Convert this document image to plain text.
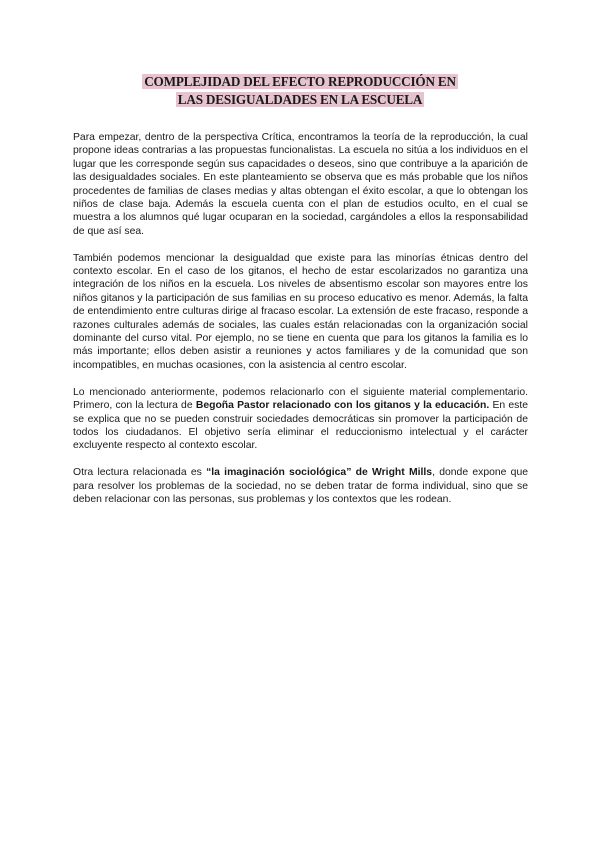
COMPLEJIDAD DEL EFECTO REPRODUCCIÓN EN
LAS DESIGUALDADES EN LA ESCUELA

Para empezar, dentro de la perspectiva Crítica, encontramos la teoría de la reproducción, la cual propone ideas contrarias a las propuestas funcionalistas. La escuela no sitúa a los individuos en el lugar que les corresponde según sus capacidades o deseos, sino que contribuye a la aparición de las desigualdades sociales. En este planteamiento se observa que es más probable que los niños procedentes de familias de clases medias y altas obtengan el éxito escolar, a que lo obtengan los niños de clase baja. Además la escuela cuenta con el plan de estudios oculto, en el cual se muestra a los alumnos qué lugar ocuparan en la sociedad, cargándoles a ellos la responsabilidad de que así sea.

También podemos mencionar la desigualdad que existe para las minorías étnicas dentro del contexto escolar. En el caso de los gitanos, el hecho de estar escolarizados no garantiza una integración de los niños en la escuela. Los niveles de absentismo escolar son mayores entre los niños gitanos y la participación de sus familias en su proceso educativo es menor. Además, la falta de entendimiento entre culturas dirige al fracaso escolar. La extensión de este fracaso, responde a razones culturales además de sociales, las cuales están relacionadas con la organización social dominante del curso vital. Por ejemplo, no se tiene en cuenta que para los gitanos la familia es lo más importante; ellos deben asistir a reuniones y actos familiares y de la comunidad que son incompatibles, en muchas ocasiones, con la asistencia al centro escolar.

Lo mencionado anteriormente, podemos relacionarlo con el siguiente material complementario. Primero, con la lectura de Begoña Pastor relacionado con los gitanos y la educación. En este se explica que no se pueden construir sociedades democráticas sin promover la participación de todos los ciudadanos. El objetivo sería eliminar el reduccionismo intelectual y el carácter excluyente respecto al contexto escolar.

Otra lectura relacionada es “la imaginación sociológica” de Wright Mills, donde expone que para resolver los problemas de la sociedad, no se deben tratar de forma individual, sino que se deben relacionar con las personas, sus problemas y los contextos que les rodean.
